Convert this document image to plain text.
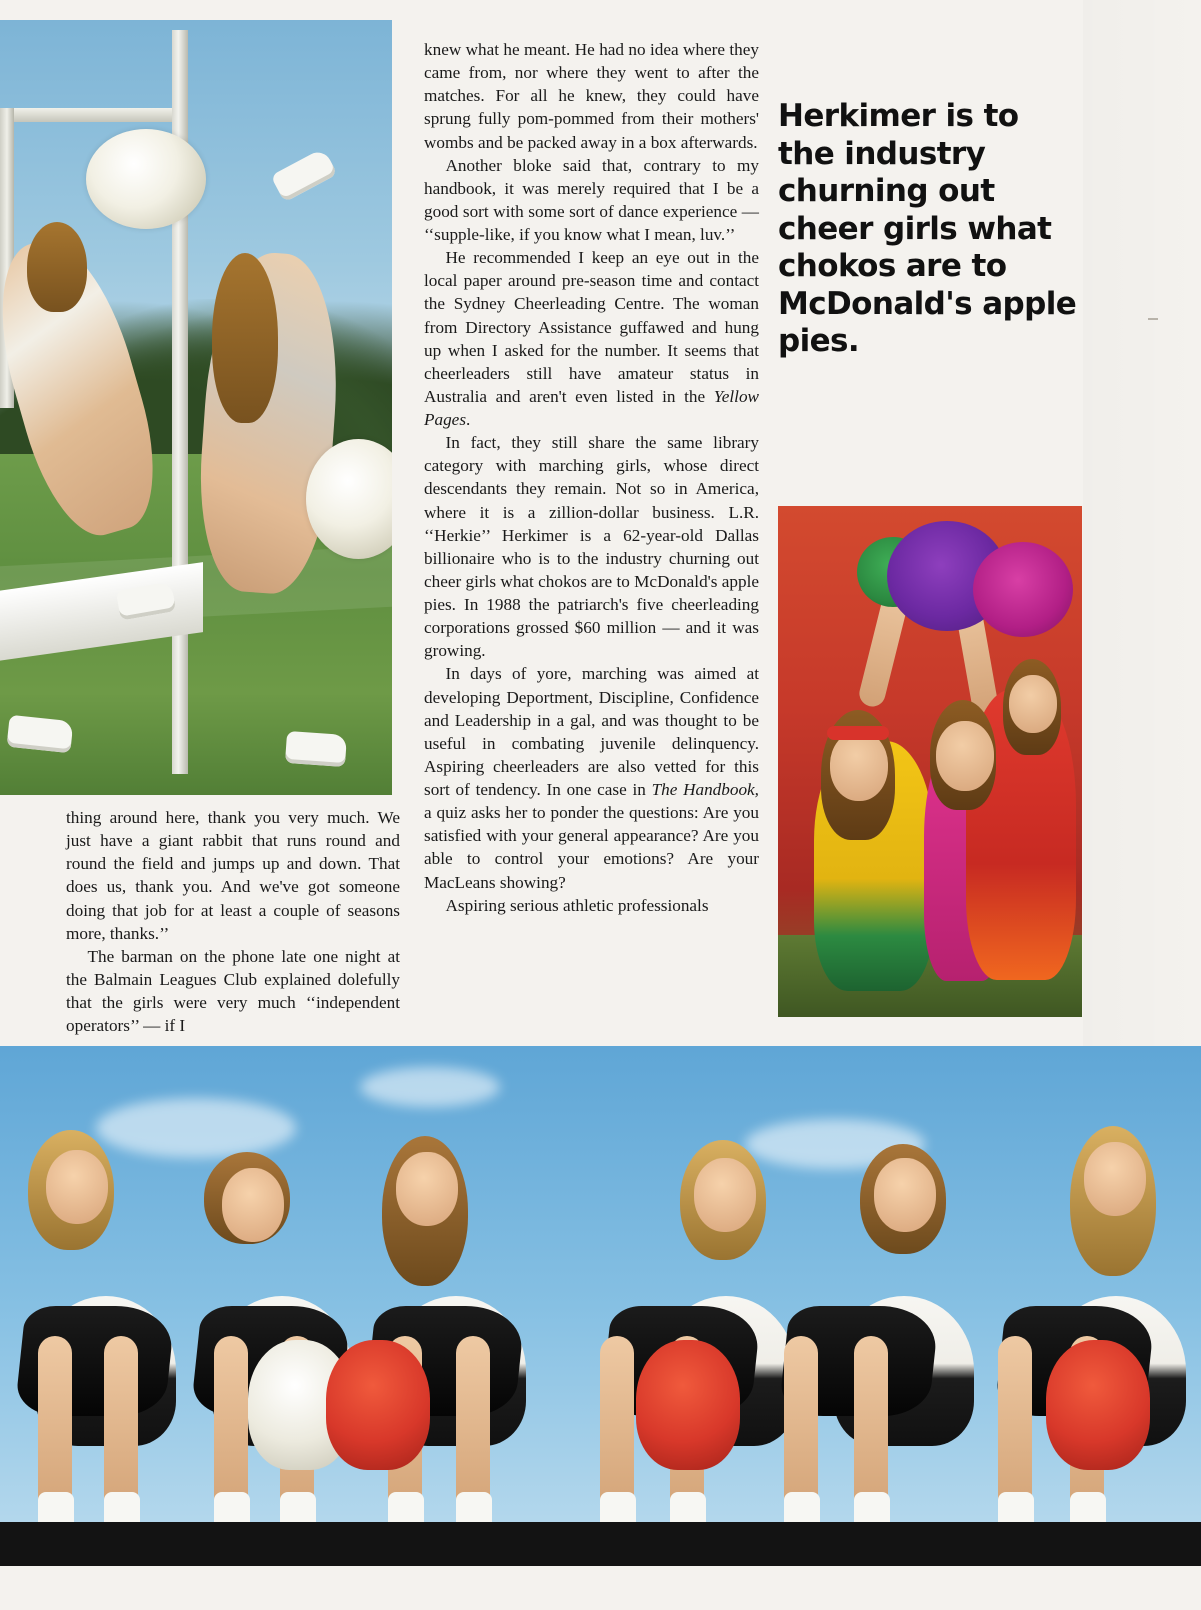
knew what he meant. He had no idea where they came from, nor where they went to after the matches. For all he knew, they could have sprung fully pom-pommed from their mothers' wombs and be packed away in a box afterwards.

Another bloke said that, contrary to my handbook, it was merely required that I be a good sort with some sort of dance experience — ‘‘supple-like, if you know what I mean, luv.’’

He recommended I keep an eye out in the local paper around pre-season time and contact the Sydney Cheerleading Centre. The woman from Directory Assistance guffawed and hung up when I asked for the number. It seems that cheerleaders still have amateur status in Australia and aren't even listed in the Yellow Pages.

In fact, they still share the same library category with marching girls, whose direct descendants they remain. Not so in America, where it is a zillion-dollar business. L.R. ‘‘Herkie’’ Herkimer is a 62-year-old Dallas billionaire who is to the industry churning out cheer girls what chokos are to McDonald's apple pies. In 1988 the patriarch's five cheerleading corporations grossed $60 million — and it was growing.

In days of yore, marching was aimed at developing Deportment, Discipline, Confidence and Leadership in a gal, and was thought to be useful in combating juvenile delinquency. Aspiring cheerleaders are also vetted for this sort of tendency. In one case in The Handbook, a quiz asks her to ponder the questions: Are you satisfied with your general appearance? Are you able to control your emotions? Are your MacLeans showing?

Aspiring serious athletic professionals

Herkimer is to the industry churning out cheer girls what chokos are to McDonald's apple pies.

thing around here, thank you very much. We just have a giant rabbit that runs round and round the field and jumps up and down. That does us, thank you. And we've got someone doing that job for at least a couple of seasons more, thanks.’’

The barman on the phone late one night at the Balmain Leagues Club explained dolefully that the girls were very much ‘‘independent operators’’ — if I
